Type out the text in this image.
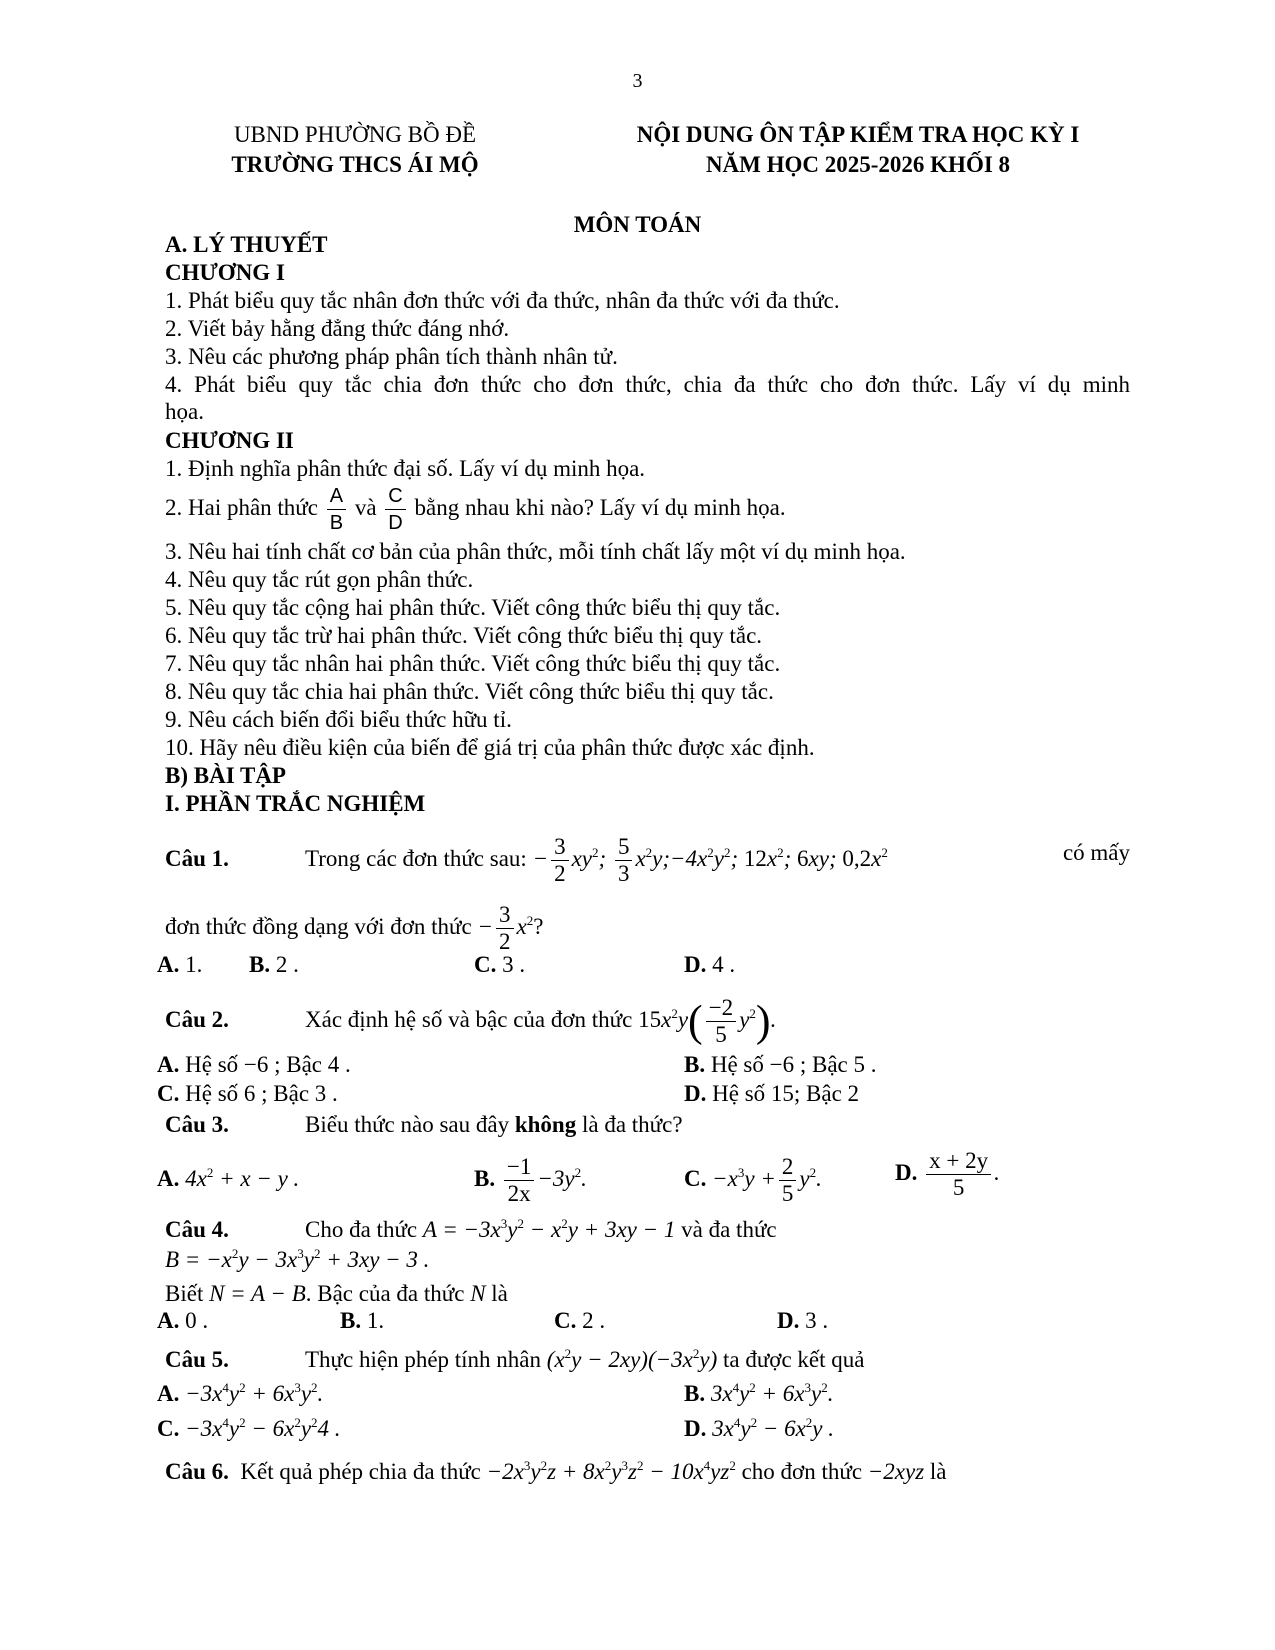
3
UBND PHƯỜNG BỒ ĐỀ
TRƯỜNG THCS ÁI MỘ
NỘI DUNG ÔN TẬP KIỂM TRA HỌC KỲ I
NĂM HỌC 2025-2026 KHỐI 8
MÔN TOÁN
A. LÝ THUYẾT
CHƯƠNG I
1. Phát biểu quy tắc nhân đơn thức với đa thức, nhân đa thức với đa thức.
2. Viết bảy hằng đẳng thức đáng nhớ.
3. Nêu các phương pháp phân tích thành nhân tử.
4. Phát biểu quy tắc chia đơn thức cho đơn thức, chia đa thức cho đơn thức. Lấy ví dụ minh
họa.
CHƯƠNG II
1. Định nghĩa phân thức đại số. Lấy ví dụ minh họa.
2. Hai phân thức $\frac{A}{B}$ và $\frac{C}{D}$ bằng nhau khi nào? Lấy ví dụ minh họa.
3. Nêu hai tính chất cơ bản của phân thức, mỗi tính chất lấy một ví dụ minh họa.
4. Nêu quy tắc rút gọn phân thức.
5. Nêu quy tắc cộng hai phân thức. Viết công thức biểu thị quy tắc.
6. Nêu quy tắc trừ hai phân thức. Viết công thức biểu thị quy tắc.
7. Nêu quy tắc nhân hai phân thức. Viết công thức biểu thị quy tắc.
8. Nêu quy tắc chia hai phân thức. Viết công thức biểu thị quy tắc.
9. Nêu cách biến đổi biểu thức hữu tỉ.
10. Hãy nêu điều kiện của biến để giá trị của phân thức được xác định.
B) BÀI TẬP
I. PHẦN TRẮC NGHIỆM
Câu 1.	Trong các đơn thức sau: − $\frac{3}{2} xy^2$; $\frac{5}{3}$ $x^2y;-4x^2y^2$; $12x^2$; 6xy; $0,2x^2$	có mấy
đơn thức đồng dạng với đơn thức − $\frac{3}{2} x^2$?
A. 1. B. 2 .	C. 3 .	D. 4 .
Câu 2.	Xác định hệ số và bậc của đơn thức $15x^2y( \frac{-2}{5} y^2)$.
A. Hệ số −6 ; Bậc 4 .	B. Hệ số −6 ; Bậc 5 .
C. Hệ số 6 ; Bậc 3 .	D. Hệ số 15; Bậc 2
Câu 3.	Biểu thức nào sau đây không là đa thức?
A. $4x^2 + x - y$ .	B. $\frac{-1}{2x} -3y^2$.	C. $-x^3y + \frac{2}{5} y^2$.	D. $\frac{x + 2y}{5}$ .
Câu 4.	Cho đa thức $A = -3x^3y^2 - x^2y + 3xy - 1$ và đa thức
$B = -x^2y - 3x^3y^2 + 3xy - 3$ .
Biết N = A − B. Bậc của đa thức N là
A. 0 .	B. 1.	C. 2 .	D. 3 .
Câu 5.	Thực hiện phép tính nhân $(x^2y - 2xy)(-3x^2y)$ ta được kết quả
A. $-3x^4y^2 + 6x^3y^2$.	B. $3x^4y^2 + 6x^3y^2$.
C. $-3x^4y^2 - 6x^2y^24$ .	D. $3x^4y^2 - 6x^2y$ .
Câu 6. Kết quả phép chia đa thức $-2x^3y^2z + 8x^2y^3z^2 - 10x^4yz^2$ cho đơn thức −2xyz là
